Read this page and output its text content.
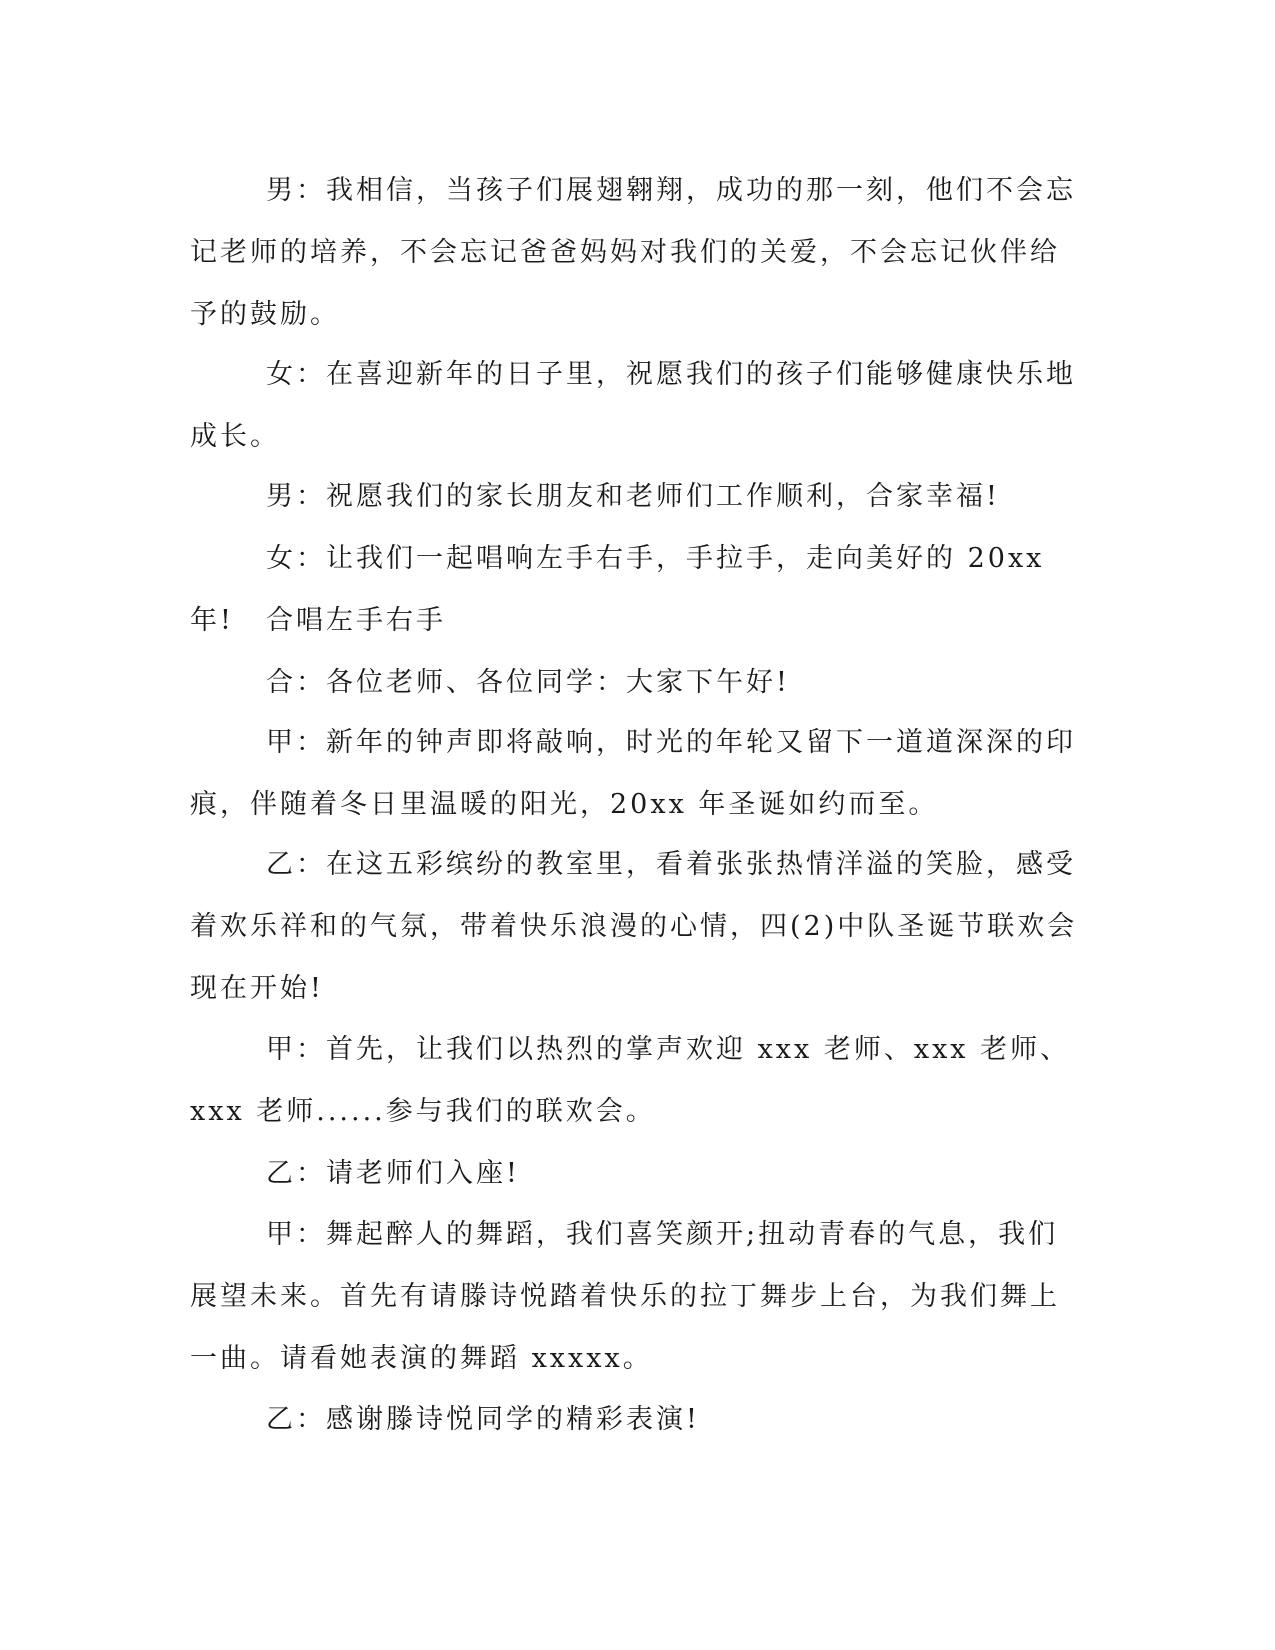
男：我相信，当孩子们展翅翱翔，成功的那一刻，他们不会忘记老师的培养，不会忘记爸爸妈妈对我们的关爱，不会忘记伙伴给予的鼓励。

女：在喜迎新年的日子里，祝愿我们的孩子们能够健康快乐地成长。

男：祝愿我们的家长朋友和老师们工作顺利，合家幸福!

女：让我们一起唱响左手右手，手拉手，走向美好的 20xx 年!	合唱左手右手

合：各位老师、各位同学：大家下午好!

甲：新年的钟声即将敲响，时光的年轮又留下一道道深深的印痕，伴随着冬日里温暖的阳光，20xx 年圣诞如约而至。

乙：在这五彩缤纷的教室里，看着张张热情洋溢的笑脸，感受着欢乐祥和的气氛，带着快乐浪漫的心情，四(2)中队圣诞节联欢会现在开始!

甲：首先，让我们以热烈的掌声欢迎 xxx 老师、xxx 老师、xxx 老师......参与我们的联欢会。

乙：请老师们入座!

甲：舞起醉人的舞蹈，我们喜笑颜开;扭动青春的气息，我们展望未来。首先有请滕诗悦踏着快乐的拉丁舞步上台，为我们舞上一曲。请看她表演的舞蹈 xxxxx。

乙：感谢滕诗悦同学的精彩表演!
